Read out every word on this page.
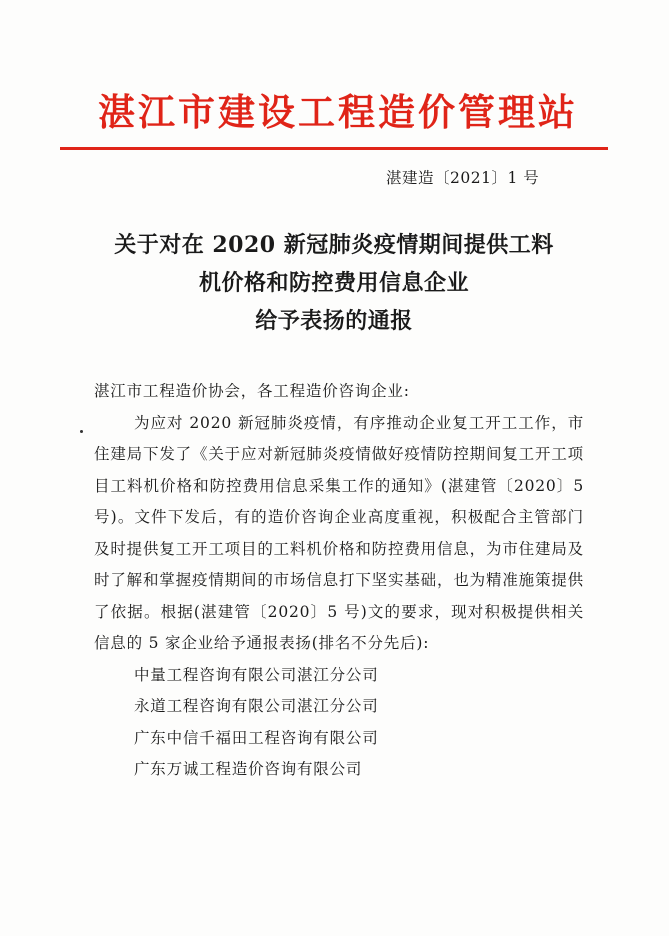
湛江市建设工程造价管理站
湛建造〔2021〕1 号
关于对在 2020 新冠肺炎疫情期间提供工料
机价格和防控费用信息企业
给予表扬的通报

湛江市工程造价协会，各工程造价咨询企业:

为应对 2020 新冠肺炎疫情，有序推动企业复工开工工作，市住建局下发了《关于应对新冠肺炎疫情做好疫情防控期间复工开工项目工料机价格和防控费用信息采集工作的通知》(湛建管〔2020〕5 号)。文件下发后，有的造价咨询企业高度重视，积极配合主管部门及时提供复工开工项目的工料机价格和防控费用信息，为市住建局及时了解和掌握疫情期间的市场信息打下坚实基础，也为精准施策提供了依据。根据(湛建管〔2020〕5 号)文的要求，现对积极提供相关信息的 5 家企业给予通报表扬(排名不分先后):

中量工程咨询有限公司湛江分公司

永道工程咨询有限公司湛江分公司

广东中信千福田工程咨询有限公司

广东万诚工程造价咨询有限公司
